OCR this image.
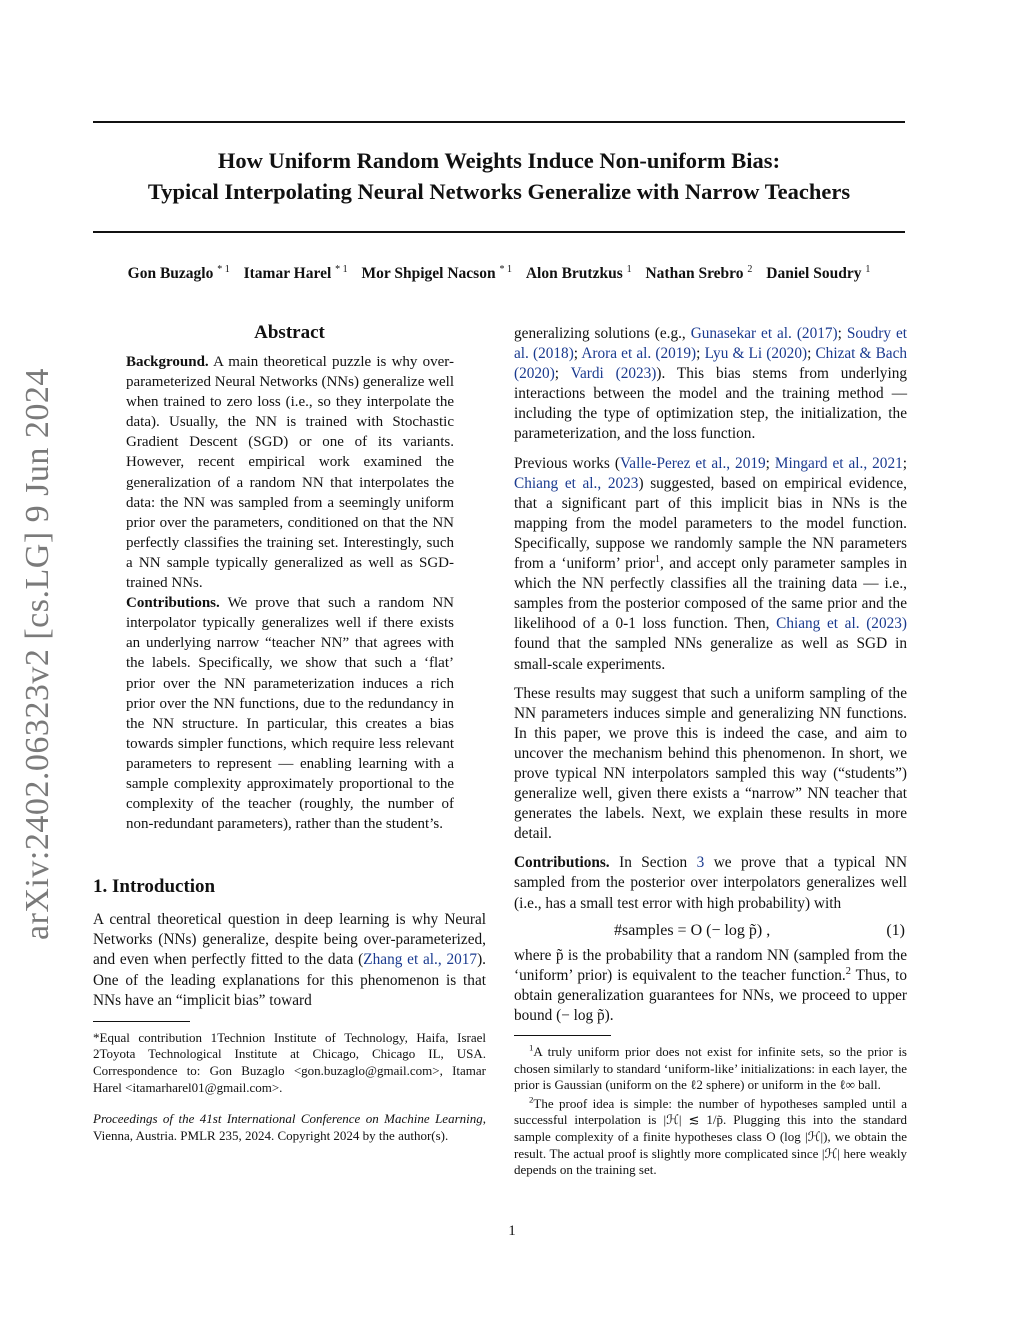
How Uniform Random Weights Induce Non-uniform Bias:
Typical Interpolating Neural Networks Generalize with Narrow Teachers
Gon Buzaglo $^{* 1}$ Itamar Harel $^{* 1}$ Mor Shpigel Nacson $^{* 1}$ Alon Brutzkus $^1$ Nathan Srebro $^2$ Daniel Soudry $^1$
arXiv:2402.06323v2 [cs.LG] 9 Jun 2024
Abstract

Background. A main theoretical puzzle is why over-parameterized Neural Networks (NNs) generalize well when trained to zero loss (i.e., so they interpolate the data). Usually, the NN is trained with Stochastic Gradient Descent (SGD) or one of its variants. However, recent empirical work examined the generalization of a random NN that interpolates the data: the NN was sampled from a seemingly uniform prior over the parameters, conditioned on that the NN perfectly classifies the training set. Interestingly, such a NN sample typically generalized as well as SGD-trained NNs.

Contributions. We prove that such a random NN interpolator typically generalizes well if there exists an underlying narrow “teacher NN” that agrees with the labels. Specifically, we show that such a ‘flat’ prior over the NN parameterization induces a rich prior over the NN functions, due to the redundancy in the NN structure. In particular, this creates a bias towards simpler functions, which require less relevant parameters to represent — enabling learning with a sample complexity approximately proportional to the complexity of the teacher (roughly, the number of non-redundant parameters), rather than the student’s.

1. Introduction

A central theoretical question in deep learning is why Neural Networks (NNs) generalize, despite being over-parameterized, and even when perfectly fitted to the data (Zhang et al., 2017). One of the leading explanations for this phenomenon is that NNs have an “implicit bias” toward

*Equal contribution 1Technion Institute of Technology, Haifa, Israel 2Toyota Technological Institute at Chicago, Chicago IL, USA. Correspondence to: Gon Buzaglo <gon.buzaglo@gmail.com>, Itamar Harel <itamarharel01@gmail.com>.
Proceedings of the 41st International Conference on Machine Learning, Vienna, Austria. PMLR 235, 2024. Copyright 2024 by the author(s).

generalizing solutions (e.g., Gunasekar et al. (2017); Soudry et al. (2018); Arora et al. (2019); Lyu & Li (2020); Chizat & Bach (2020); Vardi (2023)). This bias stems from underlying interactions between the model and the training method — including the type of optimization step, the initialization, the parameterization, and the loss function.

Previous works (Valle-Perez et al., 2019; Mingard et al., 2021; Chiang et al., 2023) suggested, based on empirical evidence, that a significant part of this implicit bias in NNs is the mapping from the model parameters to the model function. Specifically, suppose we randomly sample the NN parameters from a ‘uniform’ prior$^1$, and accept only parameter samples in which the NN perfectly classifies all the training data — i.e., samples from the posterior composed of the same prior and the likelihood of a 0-1 loss function. Then, Chiang et al. (2023) found that the sampled NNs generalize as well as SGD in small-scale experiments.

These results may suggest that such a uniform sampling of the NN parameters induces simple and generalizing NN functions. In this paper, we prove this is indeed the case, and aim to uncover the mechanism behind this phenomenon. In short, we prove typical NN interpolators sampled this way (“students”) generalize well, given there exists a “narrow” NN teacher that generates the labels. Next, we explain these results in more detail.

Contributions. In Section 3 we prove that a typical NN sampled from the posterior over interpolators generalizes well (i.e., has a small test error with high probability) with

#samples = O (− log p̃) ,	(1)

where p̃ is the probability that a random NN (sampled from the ‘uniform’ prior) is equivalent to the teacher function.$^2$ Thus, to obtain generalization guarantees for NNs, we proceed to upper bound (− log p̃).

$^1$A truly uniform prior does not exist for infinite sets, so the prior is chosen similarly to standard ‘uniform-like’ initializations: in each layer, the prior is Gaussian (uniform on the ℓ2 sphere) or uniform in the ℓ∞ ball.

$^2$The proof idea is simple: the number of hypotheses sampled until a successful interpolation is |ℋ| ≲ 1/p̃. Plugging this into the standard sample complexity of a finite hypotheses class O (log |ℋ|), we obtain the result. The actual proof is slightly more complicated since |ℋ| here weakly depends on the training set.

1
